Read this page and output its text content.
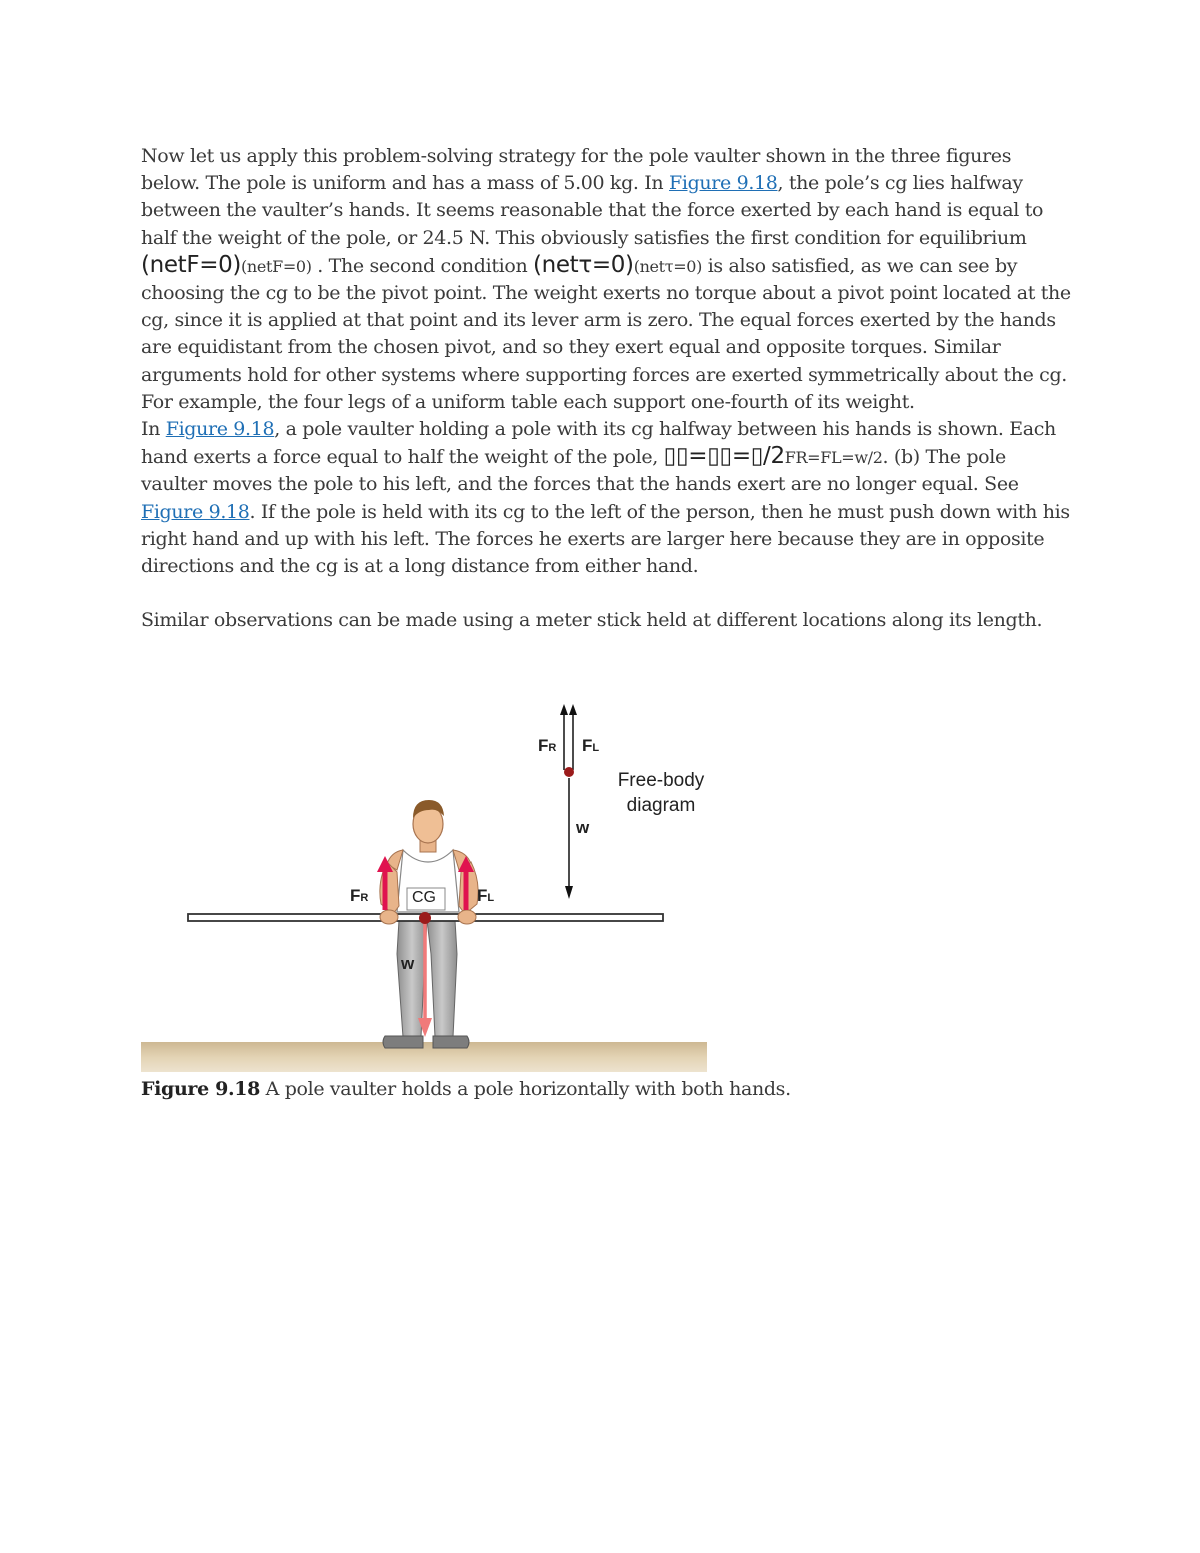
Now let us apply this problem-solving strategy for the pole vaulter shown in the three figures below. The pole is uniform and has a mass of 5.00 kg. In Figure 9.18, the pole’s cg lies halfway between the vaulter’s hands. It seems reasonable that the force exerted by each hand is equal to half the weight of the pole, or 24.5 N. This obviously satisfies the first condition for equilibrium (netF=0)(netF=0) . The second condition (netτ=0)(netτ=0) is also satisfied, as we can see by choosing the cg to be the pivot point. The weight exerts no torque about a pivot point located at the cg, since it is applied at that point and its lever arm is zero. The equal forces exerted by the hands are equidistant from the chosen pivot, and so they exert equal and opposite torques. Similar arguments hold for other systems where supporting forces are exerted symmetrically about the cg. For example, the four legs of a uniform table each support one-fourth of its weight.

In Figure 9.18, a pole vaulter holding a pole with its cg halfway between his hands is shown. Each hand exerts a force equal to half the weight of the pole, ▯▯=▯▯=▯/2FR=FL=w/2. (b) The pole vaulter moves the pole to his left, and the forces that the hands exert are no longer equal. See Figure 9.18. If the pole is held with its cg to the left of the person, then he must push down with his right hand and up with his left. The forces he exerts are larger here because they are in opposite directions and the cg is at a long distance from either hand.

Similar observations can be made using a meter stick held at different locations along its length.

FR	FL
CG
w
FR FL
w
Free-body
diagram
Figure 9.18 A pole vaulter holds a pole horizontally with both hands.
